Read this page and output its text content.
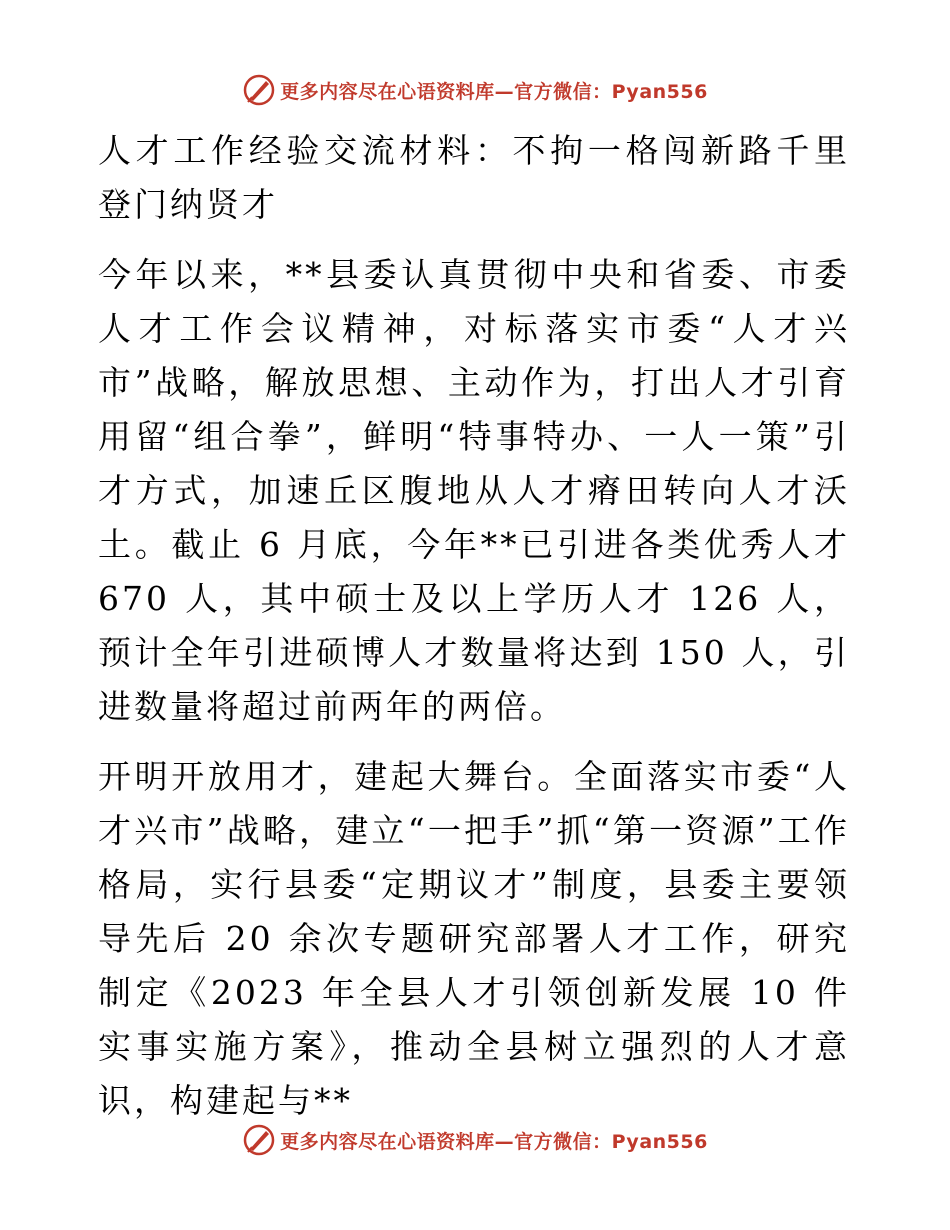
更多内容尽在心语资料库—官方微信：Pyan556

人才工作经验交流材料：不拘一格闯新路千里登门纳贤才

今年以来，**县委认真贯彻中央和省委、市委人才工作会议精神，对标落实市委“人才兴市”战略，解放思想、主动作为，打出人才引育用留“组合拳”，鲜明“特事特办、一人一策”引才方式，加速丘区腹地从人才瘠田转向人才沃土。截止 6 月底，今年**已引进各类优秀人才 670 人，其中硕士及以上学历人才 126 人，预计全年引进硕博人才数量将达到 150 人，引进数量将超过前两年的两倍。

开明开放用才，建起大舞台。全面落实市委“人才兴市”战略，建立“一把手”抓“第一资源”工作格局，实行县委“定期议才”制度，县委主要领导先后 20 余次专题研究部署人才工作，研究制定《2023 年全县人才引领创新发展 10 件实事实施方案》，推动全县树立强烈的人才意识，构建起与**

更多内容尽在心语资料库—官方微信：Pyan556
